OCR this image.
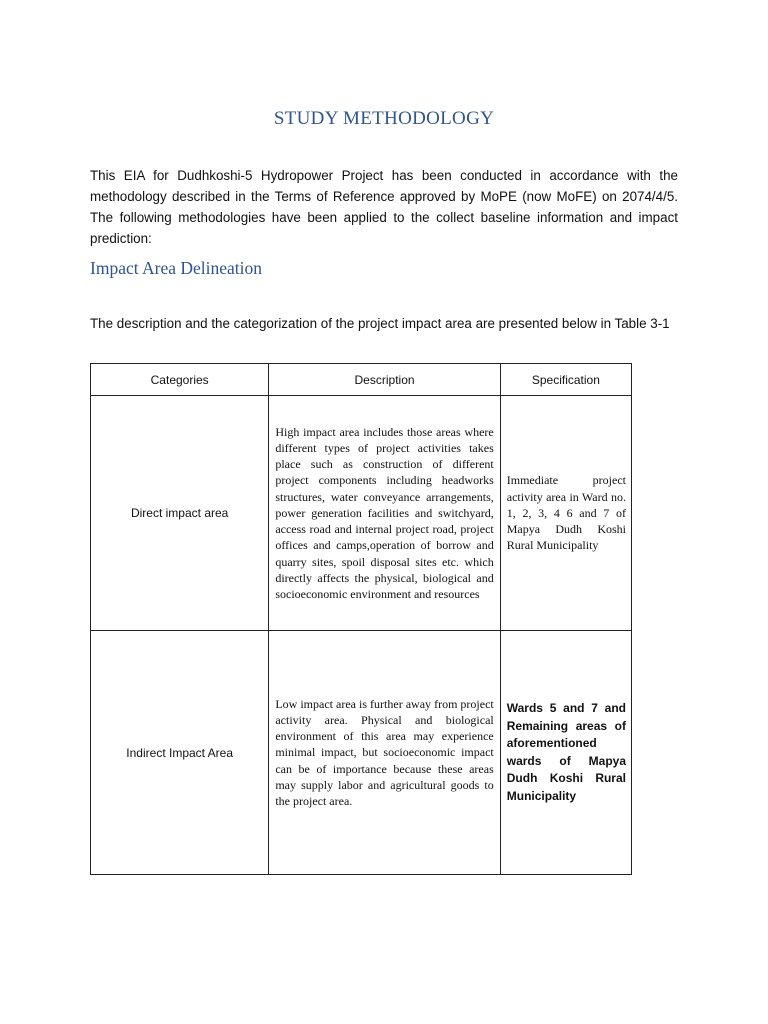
STUDY METHODOLOGY

This EIA for Dudhkoshi-5 Hydropower Project has been conducted in accordance with the methodology described in the Terms of Reference approved by MoPE (now MoFE) on 2074/4/5. The following methodologies have been applied to the collect baseline information and impact prediction:

Impact Area Delineation

The description and the categorization of the project impact area are presented below in Table 3-1

Categories	Description	Specification
Direct impact area	High impact area includes those areas where different types of project activities takes place such as construction of different project components including headworks structures, water conveyance arrangements, power generation facilities and switchyard, access road and internal project road, project offices and camps,operation of borrow and quarry sites, spoil disposal sites etc. which directly affects the physical, biological and socioeconomic environment and resources	Immediate project activity area in Ward no. 1, 2, 3, 4 6 and 7 of Mapya Dudh Koshi Rural Municipality

Indirect Impact Area	Low impact area is further away from project activity area. Physical and biological environment of this area may experience minimal impact, but socioeconomic impact can be of importance because these areas may supply labor and agricultural goods to the project area.	Wards 5 and 7 and Remaining areas of aforementioned wards of Mapya Dudh Koshi Rural Municipality
